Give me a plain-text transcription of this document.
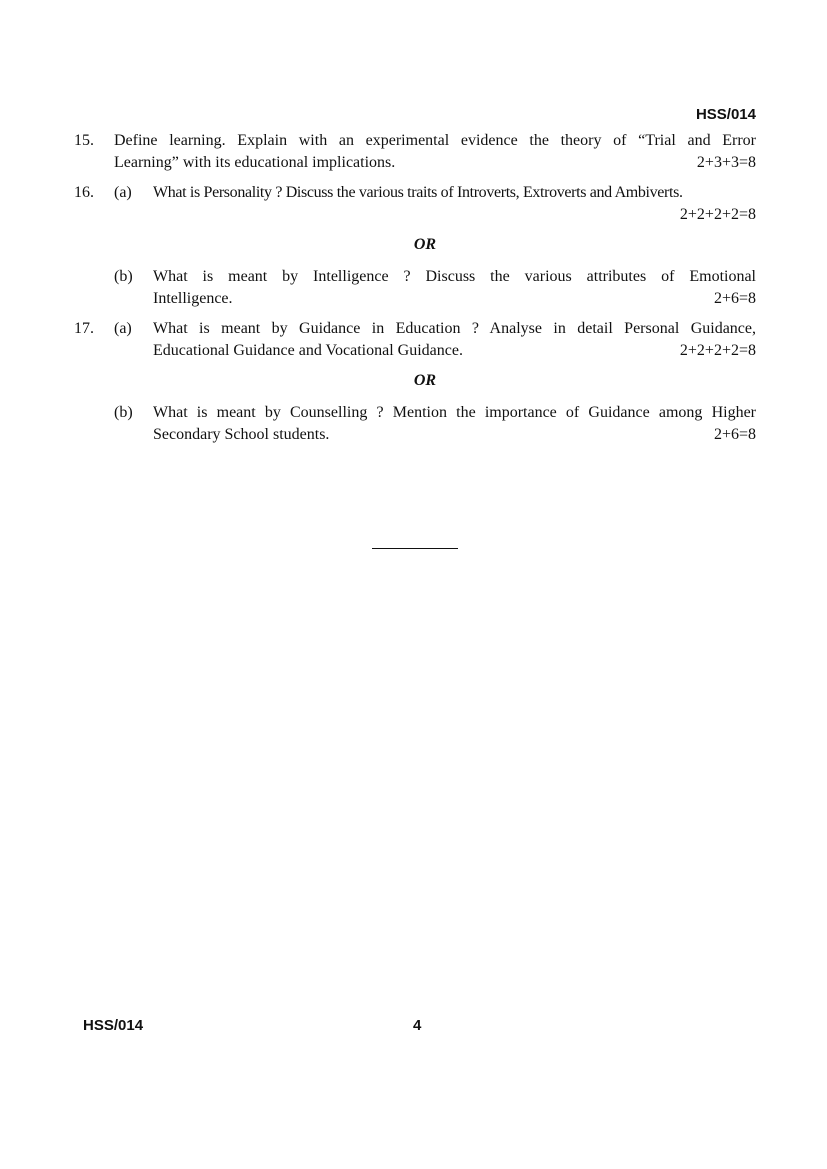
HSS/014
15.	Define learning. Explain with an experimental evidence the theory of “Trial and Error
Learning” with its educational implications.	2+3+3=8
16.	(a)	What is Personality ? Discuss the various traits of Introverts, Extroverts and Ambiverts.
2+2+2+2=8
OR
(b)	What is meant by Intelligence ? Discuss the various attributes of Emotional
Intelligence.	2+6=8
17.	(a)	What is meant by Guidance in Education ? Analyse in detail Personal Guidance,
Educational Guidance and Vocational Guidance.	2+2+2+2=8
OR
(b)	What is meant by Counselling ? Mention the importance of Guidance among Higher
Secondary School students.	2+6=8
HSS/014	4
